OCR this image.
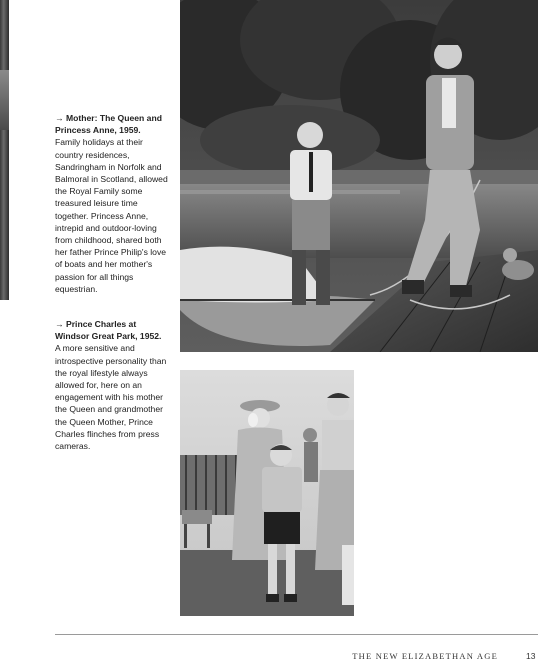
→ Mother: The Queen and Princess Anne, 1959.
Family holidays at their country residences, Sandringham in Norfolk and Balmoral in Scotland, allowed the Royal Family some treasured leisure time together. Princess Anne, intrepid and outdoor-loving from childhood, shared both her father Prince Philip's love of boats and her mother's passion for all things equestrian.
→ Prince Charles at Windsor Great Park, 1952.
A more sensitive and introspective personality than the royal lifestyle always allowed for, here on an engagement with his mother the Queen and grandmother the Queen Mother, Prince Charles flinches from press cameras.
THE NEW ELIZABETHAN AGE	13
